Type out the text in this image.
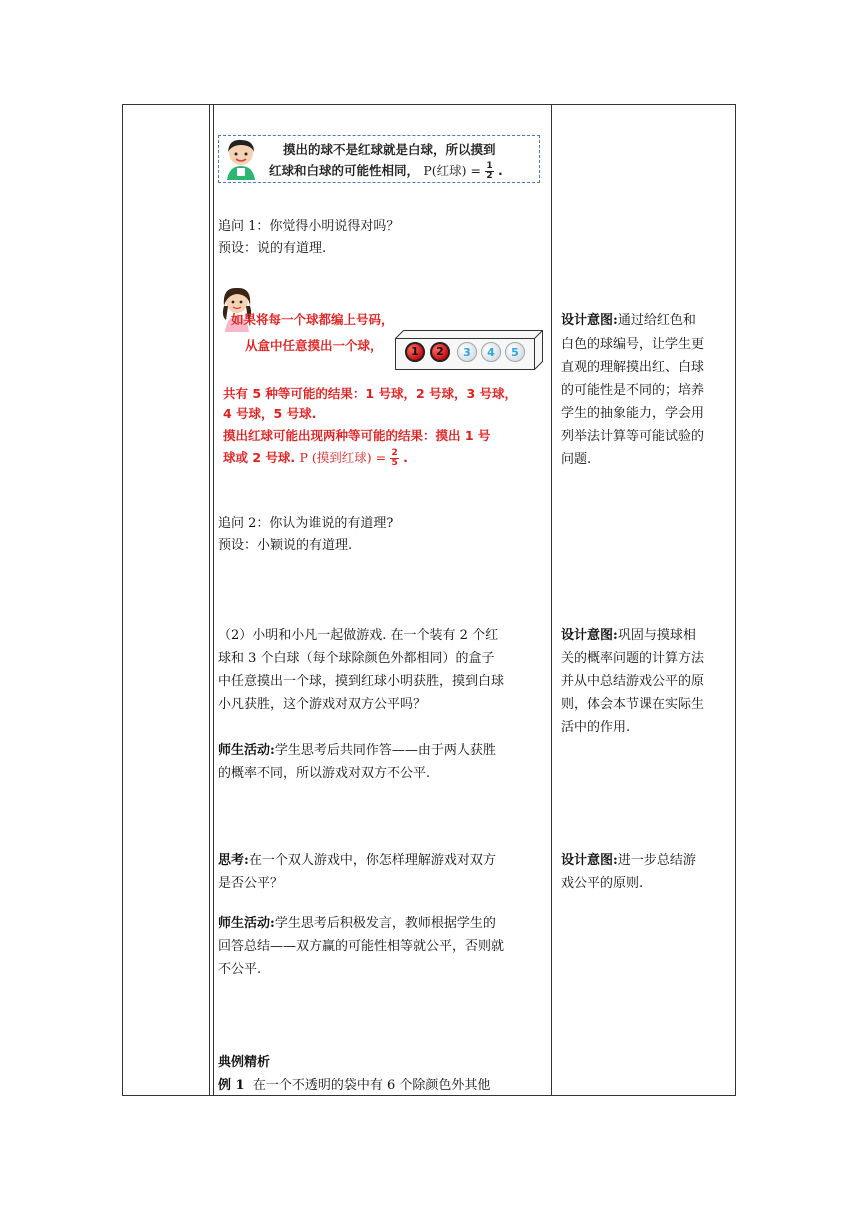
摸出的球不是红球就是白球，所以摸到
红球和白球的可能性相同， P(红球) = $\frac{1}{2}$ .
追问 1：你觉得小明说得对吗？
预设：说的有道理.
如果将每一个球都编上号码，
从盒中任意摸出一个球，	1	2	3	4	5
共有 5 种等可能的结果：1 号球，2 号球，3 号球，
4 号球，5 号球.
摸出红球可能出现两种等可能的结果：摸出 1 号
球或 2 号球. P (摸到红球) = $\frac{2}{5}$ .
追问 2：你认为谁说的有道理?
预设：小颖说的有道理.
（2）小明和小凡一起做游戏. 在一个装有 2 个红
球和 3 个白球（每个球除颜色外都相同）的盒子
中任意摸出一个球，摸到红球小明获胜，摸到白球
小凡获胜，这个游戏对双方公平吗？
师生活动:学生思考后共同作答——由于两人获胜
的概率不同，所以游戏对双方不公平.
思考:在一个双人游戏中，你怎样理解游戏对双方
是否公平？
师生活动:学生思考后积极发言，教师根据学生的
回答总结——双方赢的可能性相等就公平，否则就
不公平.
典例精析
例 1 在一个不透明的袋中有 6 个除颜色外其他
设计意图:通过给红色和
白色的球编号，让学生更
直观的理解摸出红、白球
的可能性是不同的；培养
学生的抽象能力，学会用
列举法计算等可能试验的
问题.
设计意图:巩固与摸球相
关的概率问题的计算方法
并从中总结游戏公平的原
则，体会本节课在实际生
活中的作用.
设计意图:进一步总结游
戏公平的原则.
